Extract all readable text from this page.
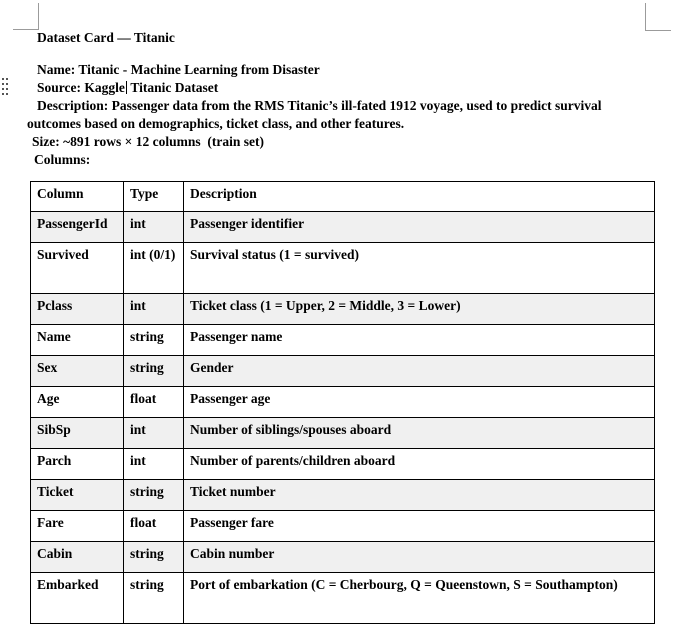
Dataset Card — Titanic

Name: Titanic - Machine Learning from Disaster

Source: Kaggle Titanic Dataset

Description: Passenger data from the RMS Titanic’s ill-fated 1912 voyage, used to predict survival outcomes based on demographics, ticket class, and other features.

Size: ~891 rows × 12 columns  (train set)

Columns:

Column	Type	Description
PassengerId	int	Passenger identifier
Survived	int (0/1)	Survival status (1 = survived)
Pclass	int	Ticket class (1 = Upper, 2 = Middle, 3 = Lower)
Name	string	Passenger name
Sex	string	Gender
Age	float	Passenger age
SibSp	int	Number of siblings/spouses aboard
Parch	int	Number of parents/children aboard
Ticket	string	Ticket number
Fare	float	Passenger fare
Cabin	string	Cabin number
Embarked	string	Port of embarkation (C = Cherbourg, Q = Queenstown, S = Southampton)
